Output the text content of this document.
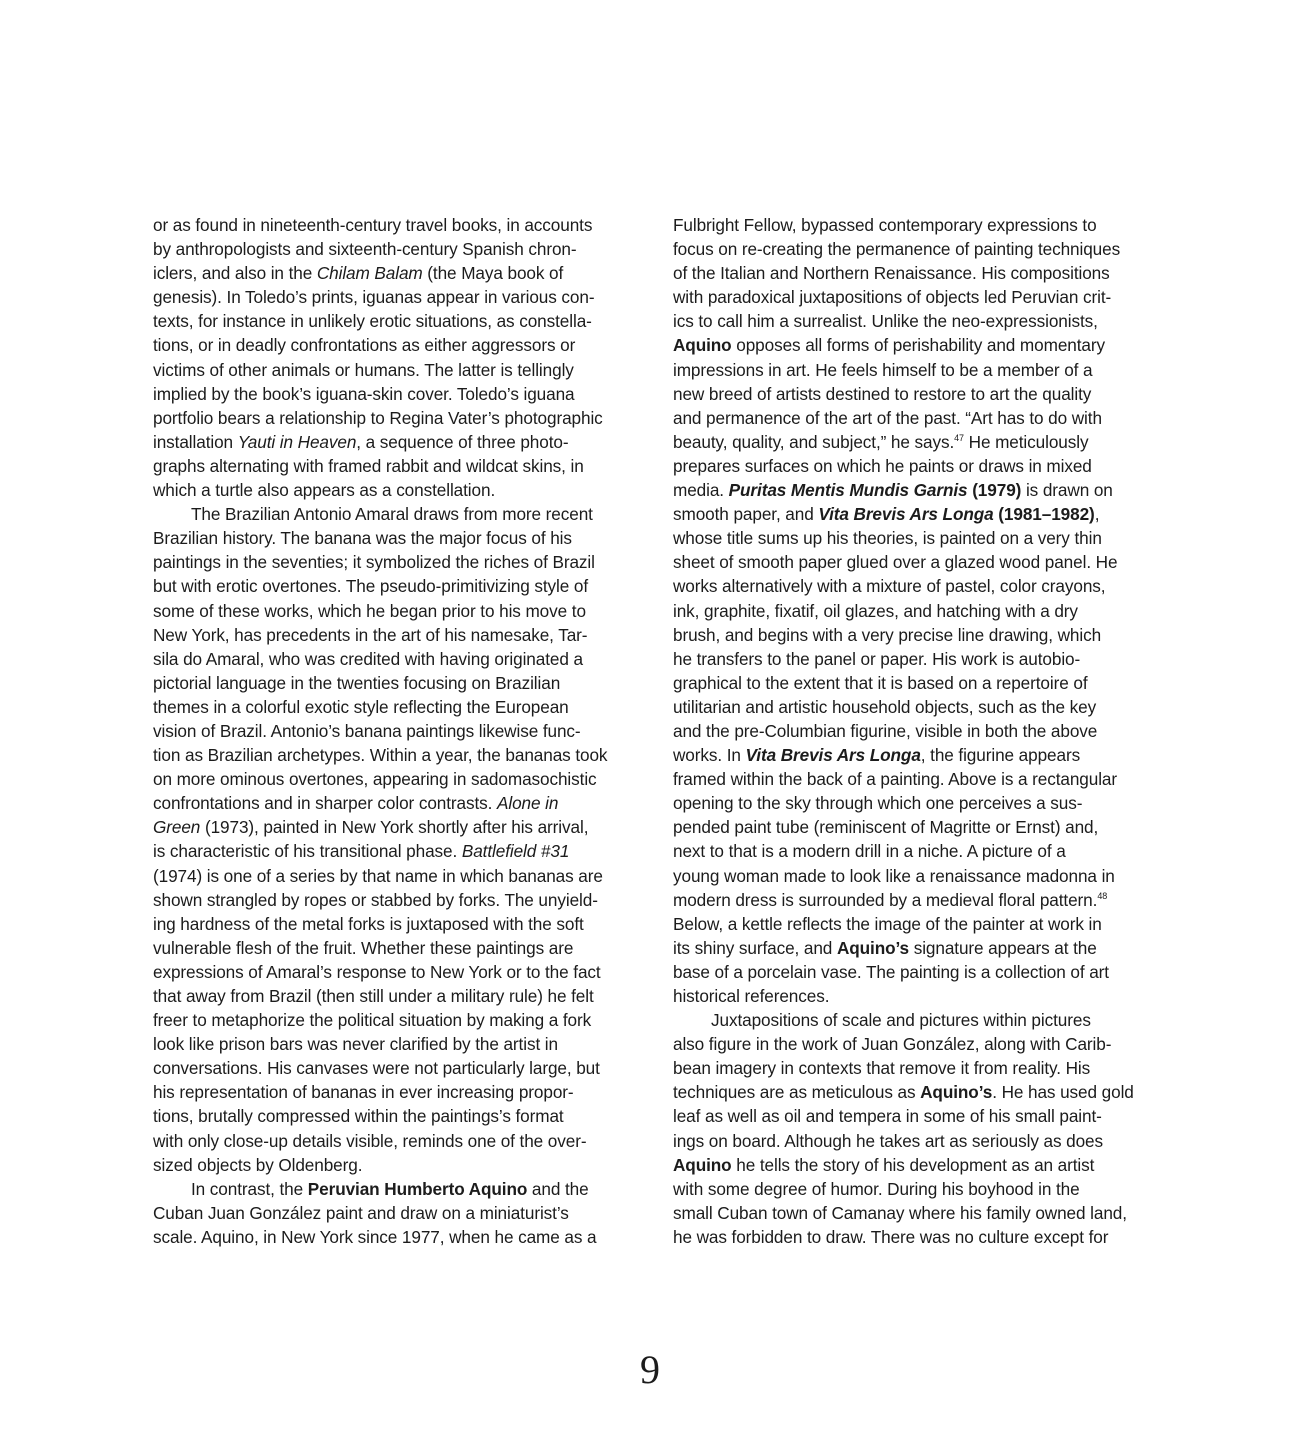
or as found in nineteenth-century travel books, in accounts
by anthropologists and sixteenth-century Spanish chron-
iclers, and also in the Chilam Balam (the Maya book of
genesis). In Toledo’s prints, iguanas appear in various con-
texts, for instance in unlikely erotic situations, as constella-
tions, or in deadly confrontations as either aggressors or
victims of other animals or humans. The latter is tellingly
implied by the book’s iguana-skin cover. Toledo’s iguana
portfolio bears a relationship to Regina Vater’s photographic
installation Yauti in Heaven, a sequence of three photo-
graphs alternating with framed rabbit and wildcat skins, in
which a turtle also appears as a constellation.
The Brazilian Antonio Amaral draws from more recent
Brazilian history. The banana was the major focus of his
paintings in the seventies; it symbolized the riches of Brazil
but with erotic overtones. The pseudo-primitivizing style of
some of these works, which he began prior to his move to
New York, has precedents in the art of his namesake, Tar-
sila do Amaral, who was credited with having originated a
pictorial language in the twenties focusing on Brazilian
themes in a colorful exotic style reflecting the European
vision of Brazil. Antonio’s banana paintings likewise func-
tion as Brazilian archetypes. Within a year, the bananas took
on more ominous overtones, appearing in sadomasochistic
confrontations and in sharper color contrasts. Alone in
Green (1973), painted in New York shortly after his arrival,
is characteristic of his transitional phase. Battlefield #31
(1974) is one of a series by that name in which bananas are
shown strangled by ropes or stabbed by forks. The unyield-
ing hardness of the metal forks is juxtaposed with the soft
vulnerable flesh of the fruit. Whether these paintings are
expressions of Amaral’s response to New York or to the fact
that away from Brazil (then still under a military rule) he felt
freer to metaphorize the political situation by making a fork
look like prison bars was never clarified by the artist in
conversations. His canvases were not particularly large, but
his representation of bananas in ever increasing propor-
tions, brutally compressed within the paintings’s format
with only close-up details visible, reminds one of the over-
sized objects by Oldenberg.
In contrast, the Peruvian Humberto Aquino and the
Cuban Juan González paint and draw on a miniaturist’s
scale. Aquino, in New York since 1977, when he came as a
Fulbright Fellow, bypassed contemporary expressions to
focus on re-creating the permanence of painting techniques
of the Italian and Northern Renaissance. His compositions
with paradoxical juxtapositions of objects led Peruvian crit-
ics to call him a surrealist. Unlike the neo-expressionists,
Aquino opposes all forms of perishability and momentary
impressions in art. He feels himself to be a member of a
new breed of artists destined to restore to art the quality
and permanence of the art of the past. “Art has to do with
beauty, quality, and subject,” he says.$^{47}$ He meticulously
prepares surfaces on which he paints or draws in mixed
media. Puritas Mentis Mundis Garnis (1979) is drawn on
smooth paper, and Vita Brevis Ars Longa (1981–1982),
whose title sums up his theories, is painted on a very thin
sheet of smooth paper glued over a glazed wood panel. He
works alternatively with a mixture of pastel, color crayons,
ink, graphite, fixatif, oil glazes, and hatching with a dry
brush, and begins with a very precise line drawing, which
he transfers to the panel or paper. His work is autobio-
graphical to the extent that it is based on a repertoire of
utilitarian and artistic household objects, such as the key
and the pre-Columbian figurine, visible in both the above
works. In Vita Brevis Ars Longa, the figurine appears
framed within the back of a painting. Above is a rectangular
opening to the sky through which one perceives a sus-
pended paint tube (reminiscent of Magritte or Ernst) and,
next to that is a modern drill in a niche. A picture of a
young woman made to look like a renaissance madonna in
modern dress is surrounded by a medieval floral pattern.$^{48}$
Below, a kettle reflects the image of the painter at work in
its shiny surface, and Aquino’s signature appears at the
base of a porcelain vase. The painting is a collection of art
historical references.
Juxtapositions of scale and pictures within pictures
also figure in the work of Juan González, along with Carib-
bean imagery in contexts that remove it from reality. His
techniques are as meticulous as Aquino’s. He has used gold
leaf as well as oil and tempera in some of his small paint-
ings on board. Although he takes art as seriously as does
Aquino he tells the story of his development as an artist
with some degree of humor. During his boyhood in the
small Cuban town of Camanay where his family owned land,
he was forbidden to draw. There was no culture except for
9
